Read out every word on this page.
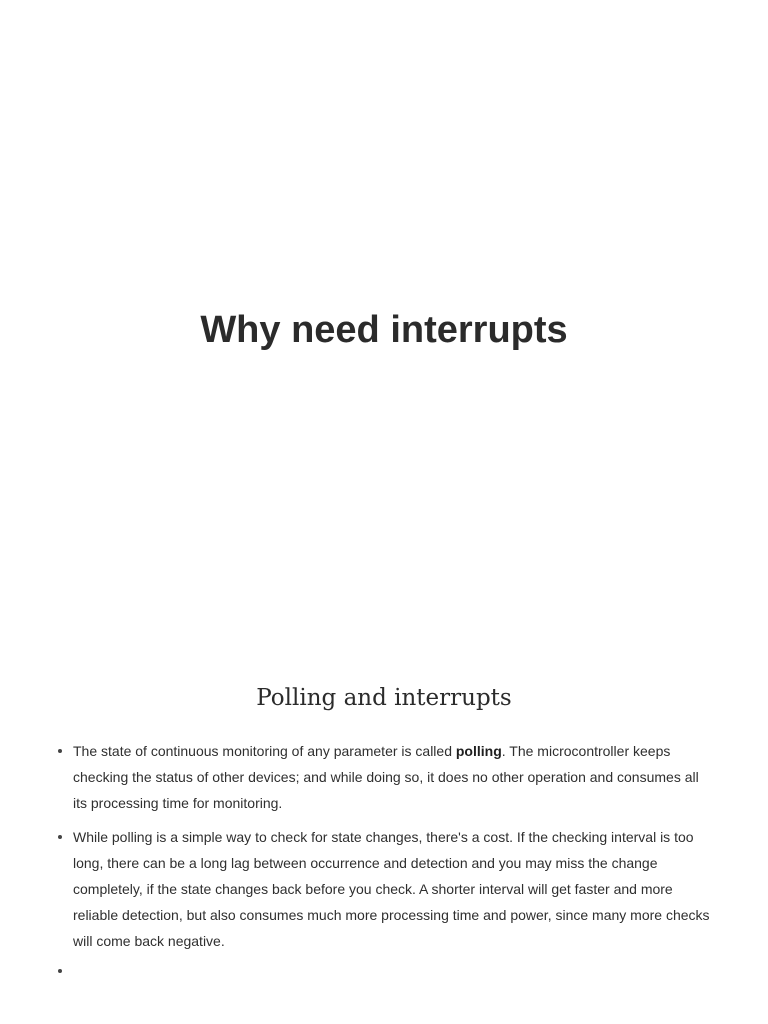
Why need interrupts
Polling and interrupts
The state of continuous monitoring of any parameter is called polling. The microcontroller keeps checking the status of other devices; and while doing so, it does no other operation and consumes all its processing time for monitoring.
While polling is a simple way to check for state changes, there's a cost. If the checking interval is too long, there can be a long lag between occurrence and detection and you may miss the change completely, if the state changes back before you check. A shorter interval will get faster and more reliable detection, but also consumes much more processing time and power, since many more checks will come back negative.
